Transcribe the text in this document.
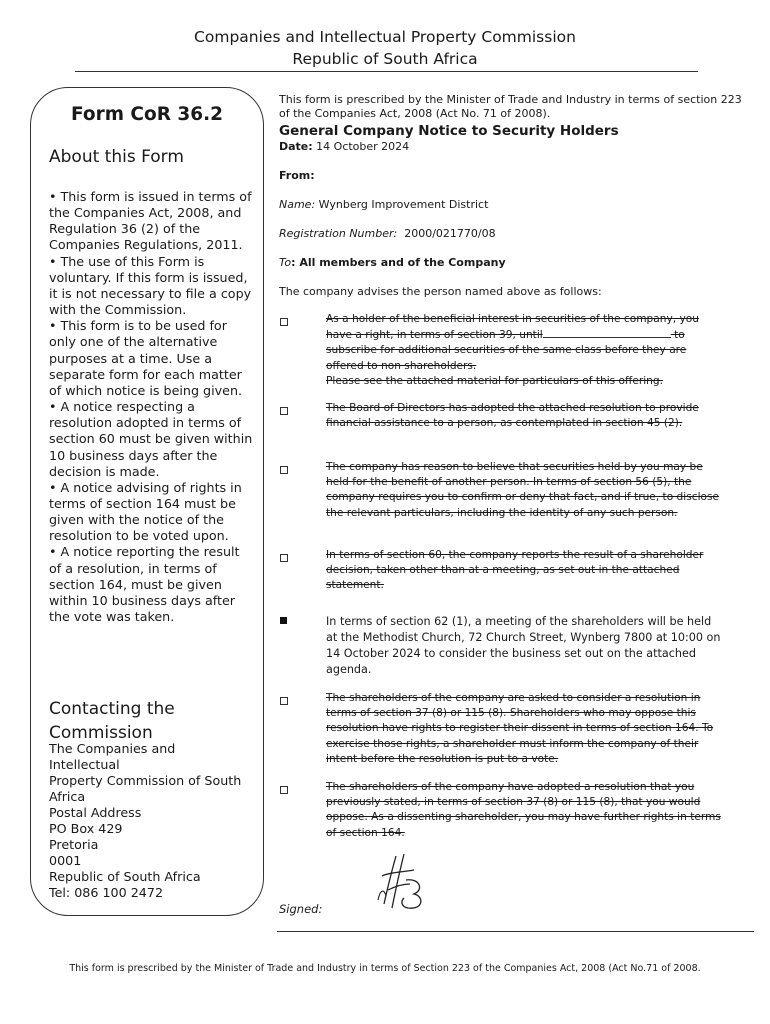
Companies and Intellectual Property Commission
Republic of South Africa
Form CoR 36.2
About this Form

• This form is issued in terms of the Companies Act, 2008, and Regulation 36 (2) of the Companies Regulations, 2011.

• The use of this Form is voluntary. If this form is issued, it is not necessary to file a copy with the Commission.

• This form is to be used for only one of the alternative purposes at a time. Use a separate form for each matter of which notice is being given.

• A notice respecting a resolution adopted in terms of section 60 must be given within 10 business days after the decision is made.

• A notice advising of rights in terms of section 164 must be given with the notice of the resolution to be voted upon.

• A notice reporting the result of a resolution, in terms of section 164, must be given within 10 business days after the vote was taken.

Contacting the Commission
The Companies and
Intellectual
Property Commission of South
Africa
Postal Address
PO Box 429
Pretoria
0001
Republic of South Africa
Tel: 086 100 2472
This form is prescribed by the Minister of Trade and Industry in terms of section 223 of the Companies Act, 2008 (Act No. 71 of 2008).
General Company Notice to Security Holders
Date: 14 October 2024
From:
Name: Wynberg Improvement District
Registration Number: 2000/021770/08
To: All members and of the Company
The company advises the person named above as follows:
As a holder of the beneficial interest in securities of the company, you have a right, in terms of section 39, until	to subscribe for additional securities of the same class before they are offered to non shareholders.
Please see the attached material for particulars of this offering.
The Board of Directors has adopted the attached resolution to provide financial assistance to a person, as contemplated in section 45 (2).
The company has reason to believe that securities held by you may be held for the benefit of another person. In terms of section 56 (5), the company requires you to confirm or deny that fact, and if true, to disclose the relevant particulars, including the identity of any such person.
In terms of section 60, the company reports the result of a shareholder decision, taken other than at a meeting, as set out in the attached statement.
In terms of section 62 (1), a meeting of the shareholders will be held at the Methodist Church, 72 Church Street, Wynberg 7800 at 10:00 on 14 October 2024 to consider the business set out on the attached agenda.
The shareholders of the company are asked to consider a resolution in terms of section 37 (8) or 115 (8). Shareholders who may oppose this resolution have rights to register their dissent in terms of section 164. To exercise those rights, a shareholder must inform the company of their intent before the resolution is put to a vote.
The shareholders of the company have adopted a resolution that you previously stated, in terms of section 37 (8) or 115 (8), that you would oppose. As a dissenting shareholder, you may have further rights in terms of section 164.
Signed:
This form is prescribed by the Minister of Trade and Industry in terms of Section 223 of the Companies Act, 2008 (Act No.71 of 2008.
